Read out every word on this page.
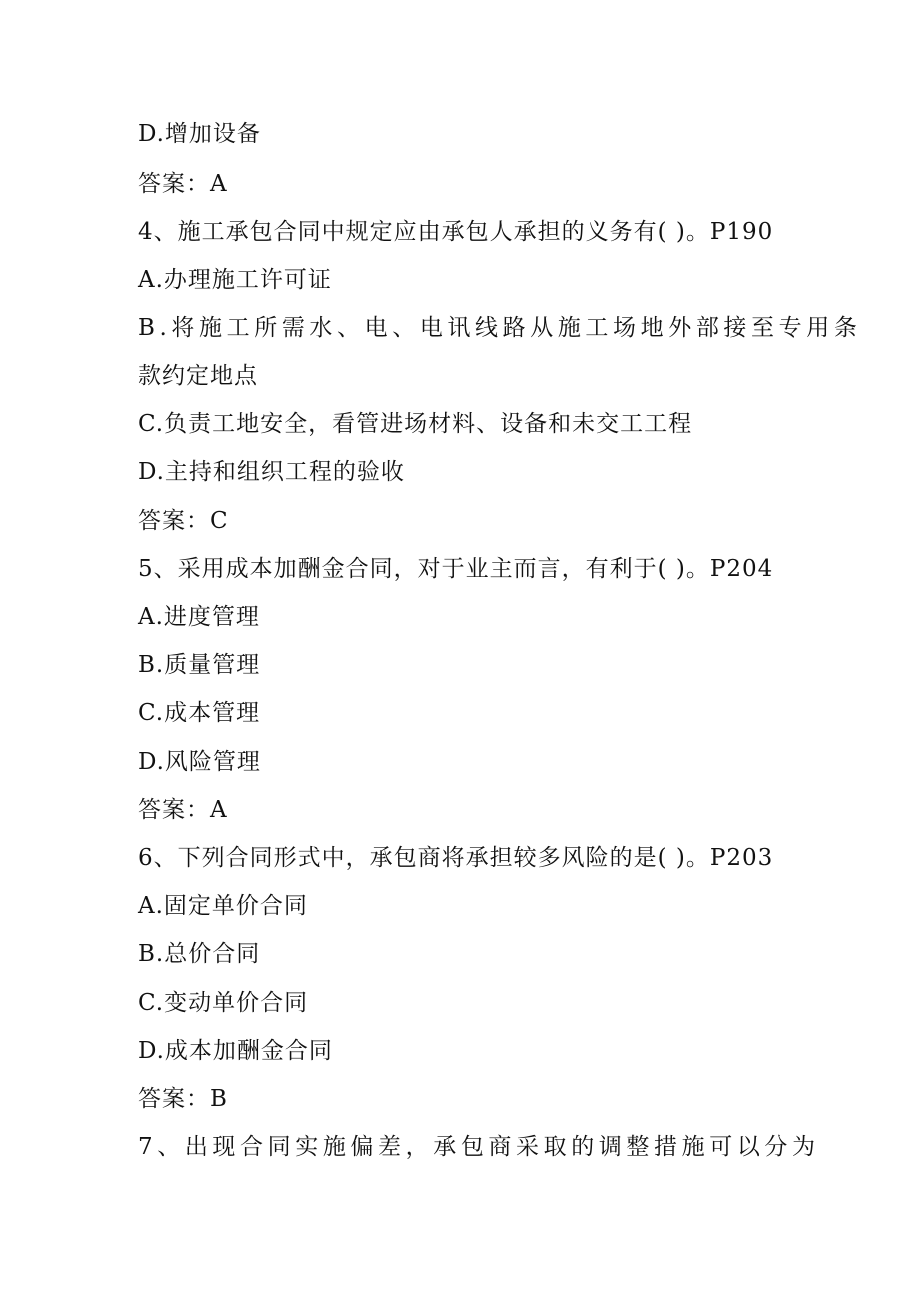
D.增加设备
答案：A
4、施工承包合同中规定应由承包人承担的义务有( )。P190
A.办理施工许可证
B.将施工所需水、电、电讯线路从施工场地外部接至专用条
款约定地点
C.负责工地安全，看管进场材料、设备和未交工工程
D.主持和组织工程的验收
答案：C
5、采用成本加酬金合同，对于业主而言，有利于( )。P204
A.进度管理
B.质量管理
C.成本管理
D.风险管理
答案：A
6、下列合同形式中，承包商将承担较多风险的是( )。P203
A.固定单价合同
B.总价合同
C.变动单价合同
D.成本加酬金合同
答案：B
7、出现合同实施偏差，承包商采取的调整措施可以分为
